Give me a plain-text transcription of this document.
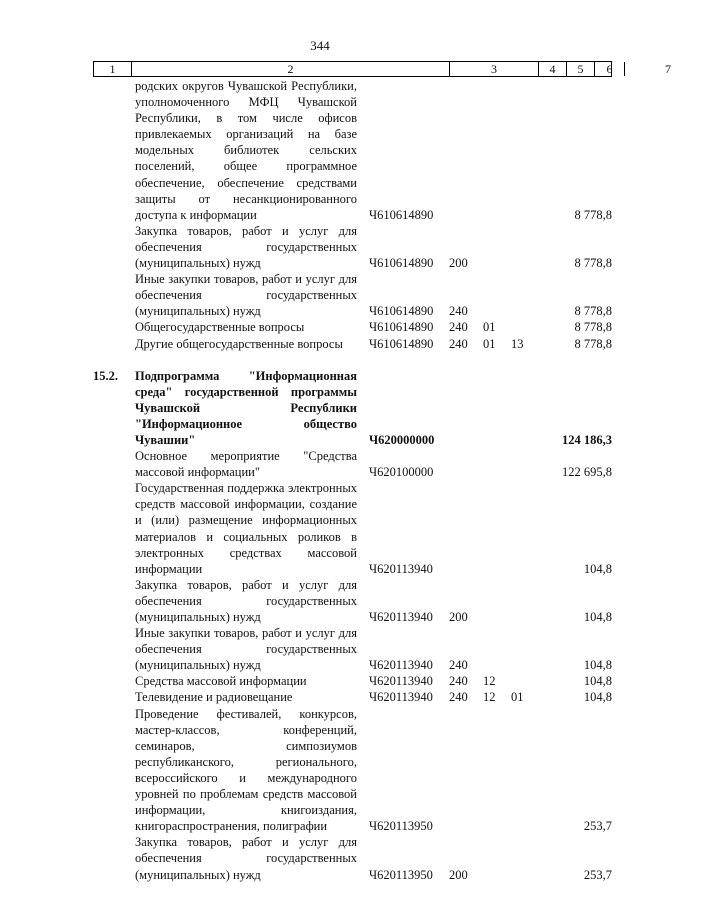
344
1	2	3	4	5	6	7
родских округов Чувашской Республики, уполномоченного МФЦ Чувашской Республики, в том числе офисов привлекаемых организаций на базе модельных библиотек сельских поселений, общее программное обеспечение, обеспечение средствами защиты от несанкционированного доступа к информации	Ч610614890	8 778,8
Закупка товаров, работ и услуг для обеспечения государственных (муниципальных) нужд	Ч610614890 200	8 778,8
Иные закупки товаров, работ и услуг для обеспечения государственных (муниципальных) нужд	Ч610614890 240	8 778,8
Общегосударственные вопросы	Ч610614890 240 01	8 778,8
Другие общегосударственные вопросы	Ч610614890 240 01 13	8 778,8
15.2.	Подпрограмма "Информационная среда" государственной программы Чувашской Республики "Информационное общество Чувашии"	Ч620000000	124 186,3
Основное мероприятие "Средства массовой информации"	Ч620100000	122 695,8
Государственная поддержка электронных средств массовой информации, создание и (или) размещение информационных материалов и социальных роликов в электронных средствах массовой информации	Ч620113940	104,8
Закупка товаров, работ и услуг для обеспечения государственных (муниципальных) нужд	Ч620113940 200	104,8
Иные закупки товаров, работ и услуг для обеспечения государственных (муниципальных) нужд	Ч620113940 240	104,8
Средства массовой информации	Ч620113940 240 12	104,8
Телевидение и радиовещание	Ч620113940 240 12 01	104,8
Проведение фестивалей, конкурсов, мастер-классов, конференций, семинаров, симпозиумов республиканского, регионального, всероссийского и международного уровней по проблемам средств массовой информации, книгоиздания, книгораспространения, полиграфии	Ч620113950	253,7
Закупка товаров, работ и услуг для обеспечения государственных (муниципальных) нужд	Ч620113950 200	253,7
